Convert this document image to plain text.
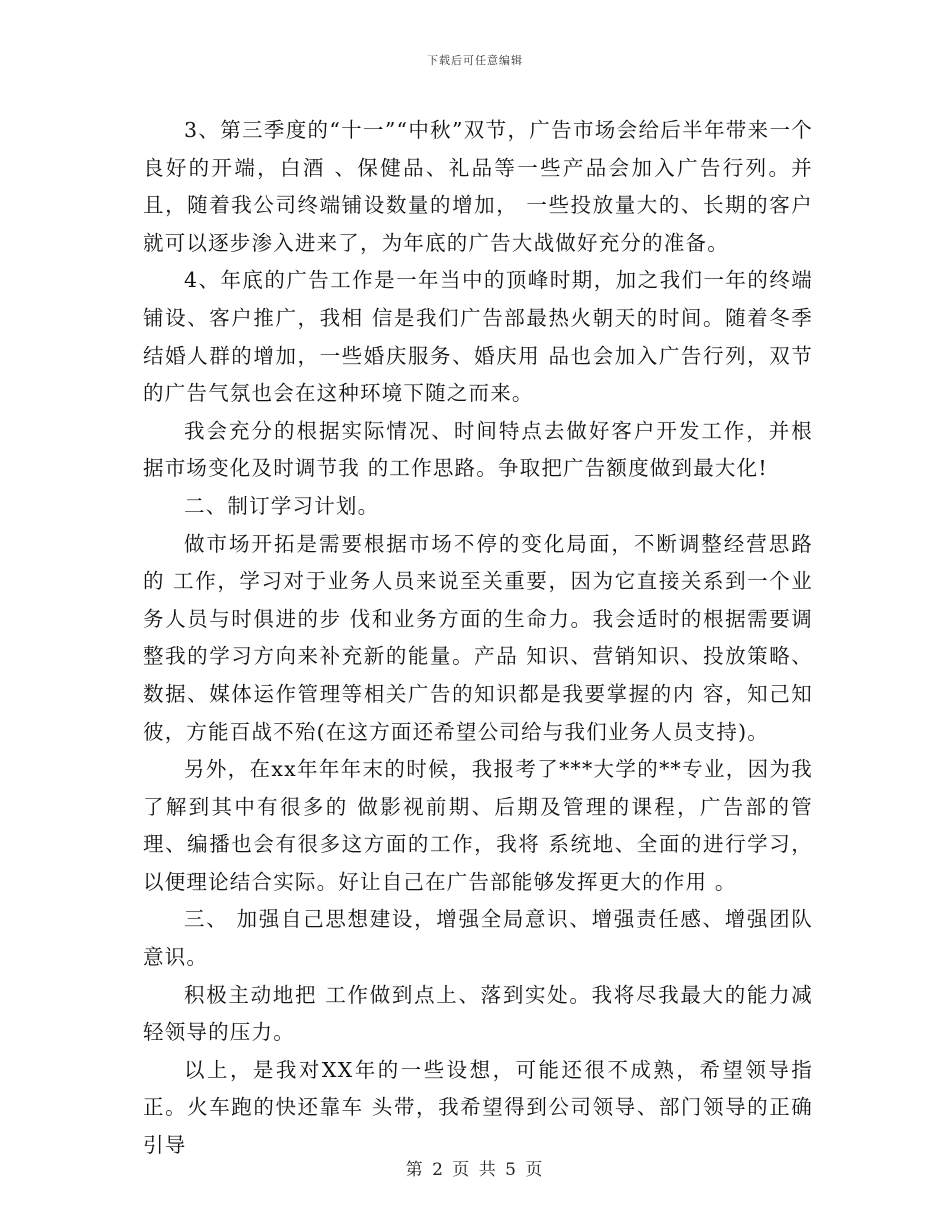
下载后可任意编辑

3、第三季度的“十一”“中秋”双节，广告市场会给后半年带来一个良好的开端，白酒 、保健品、礼品等一些产品会加入广告行列。并且，随着我公司终端铺设数量的增加， 一些投放量大的、长期的客户就可以逐步渗入进来了，为年底的广告大战做好充分的准备。

4、年底的广告工作是一年当中的顶峰时期，加之我们一年的终端铺设、客户推广，我相 信是我们广告部最热火朝天的时间。随着冬季结婚人群的增加，一些婚庆服务、婚庆用 品也会加入广告行列，双节的广告气氛也会在这种环境下随之而来。

我会充分的根据实际情况、时间特点去做好客户开发工作，并根据市场变化及时调节我 的工作思路。争取把广告额度做到最大化!

二、制订学习计划。

做市场开拓是需要根据市场不停的变化局面，不断调整经营思路的 工作，学习对于业务人员来说至关重要，因为它直接关系到一个业务人员与时俱进的步 伐和业务方面的生命力。我会适时的根据需要调整我的学习方向来补充新的能量。产品 知识、营销知识、投放策略、数据、媒体运作管理等相关广告的知识都是我要掌握的内 容，知己知彼，方能百战不殆(在这方面还希望公司给与我们业务人员支持)。

另外，在xx年年年末的时候，我报考了***大学的**专业，因为我了解到其中有很多的 做影视前期、后期及管理的课程，广告部的管理、编播也会有很多这方面的工作，我将 系统地、全面的进行学习，以便理论结合实际。好让自己在广告部能够发挥更大的作用 。

三、 加强自己思想建设，增强全局意识、增强责任感、增强团队意识。

积极主动地把 工作做到点上、落到实处。我将尽我最大的能力减轻领导的压力。

以上，是我对XX年的一些设想，可能还很不成熟，希望领导指正。火车跑的快还靠车 头带，我希望得到公司领导、部门领导的正确引导

第 2 页 共 5 页
